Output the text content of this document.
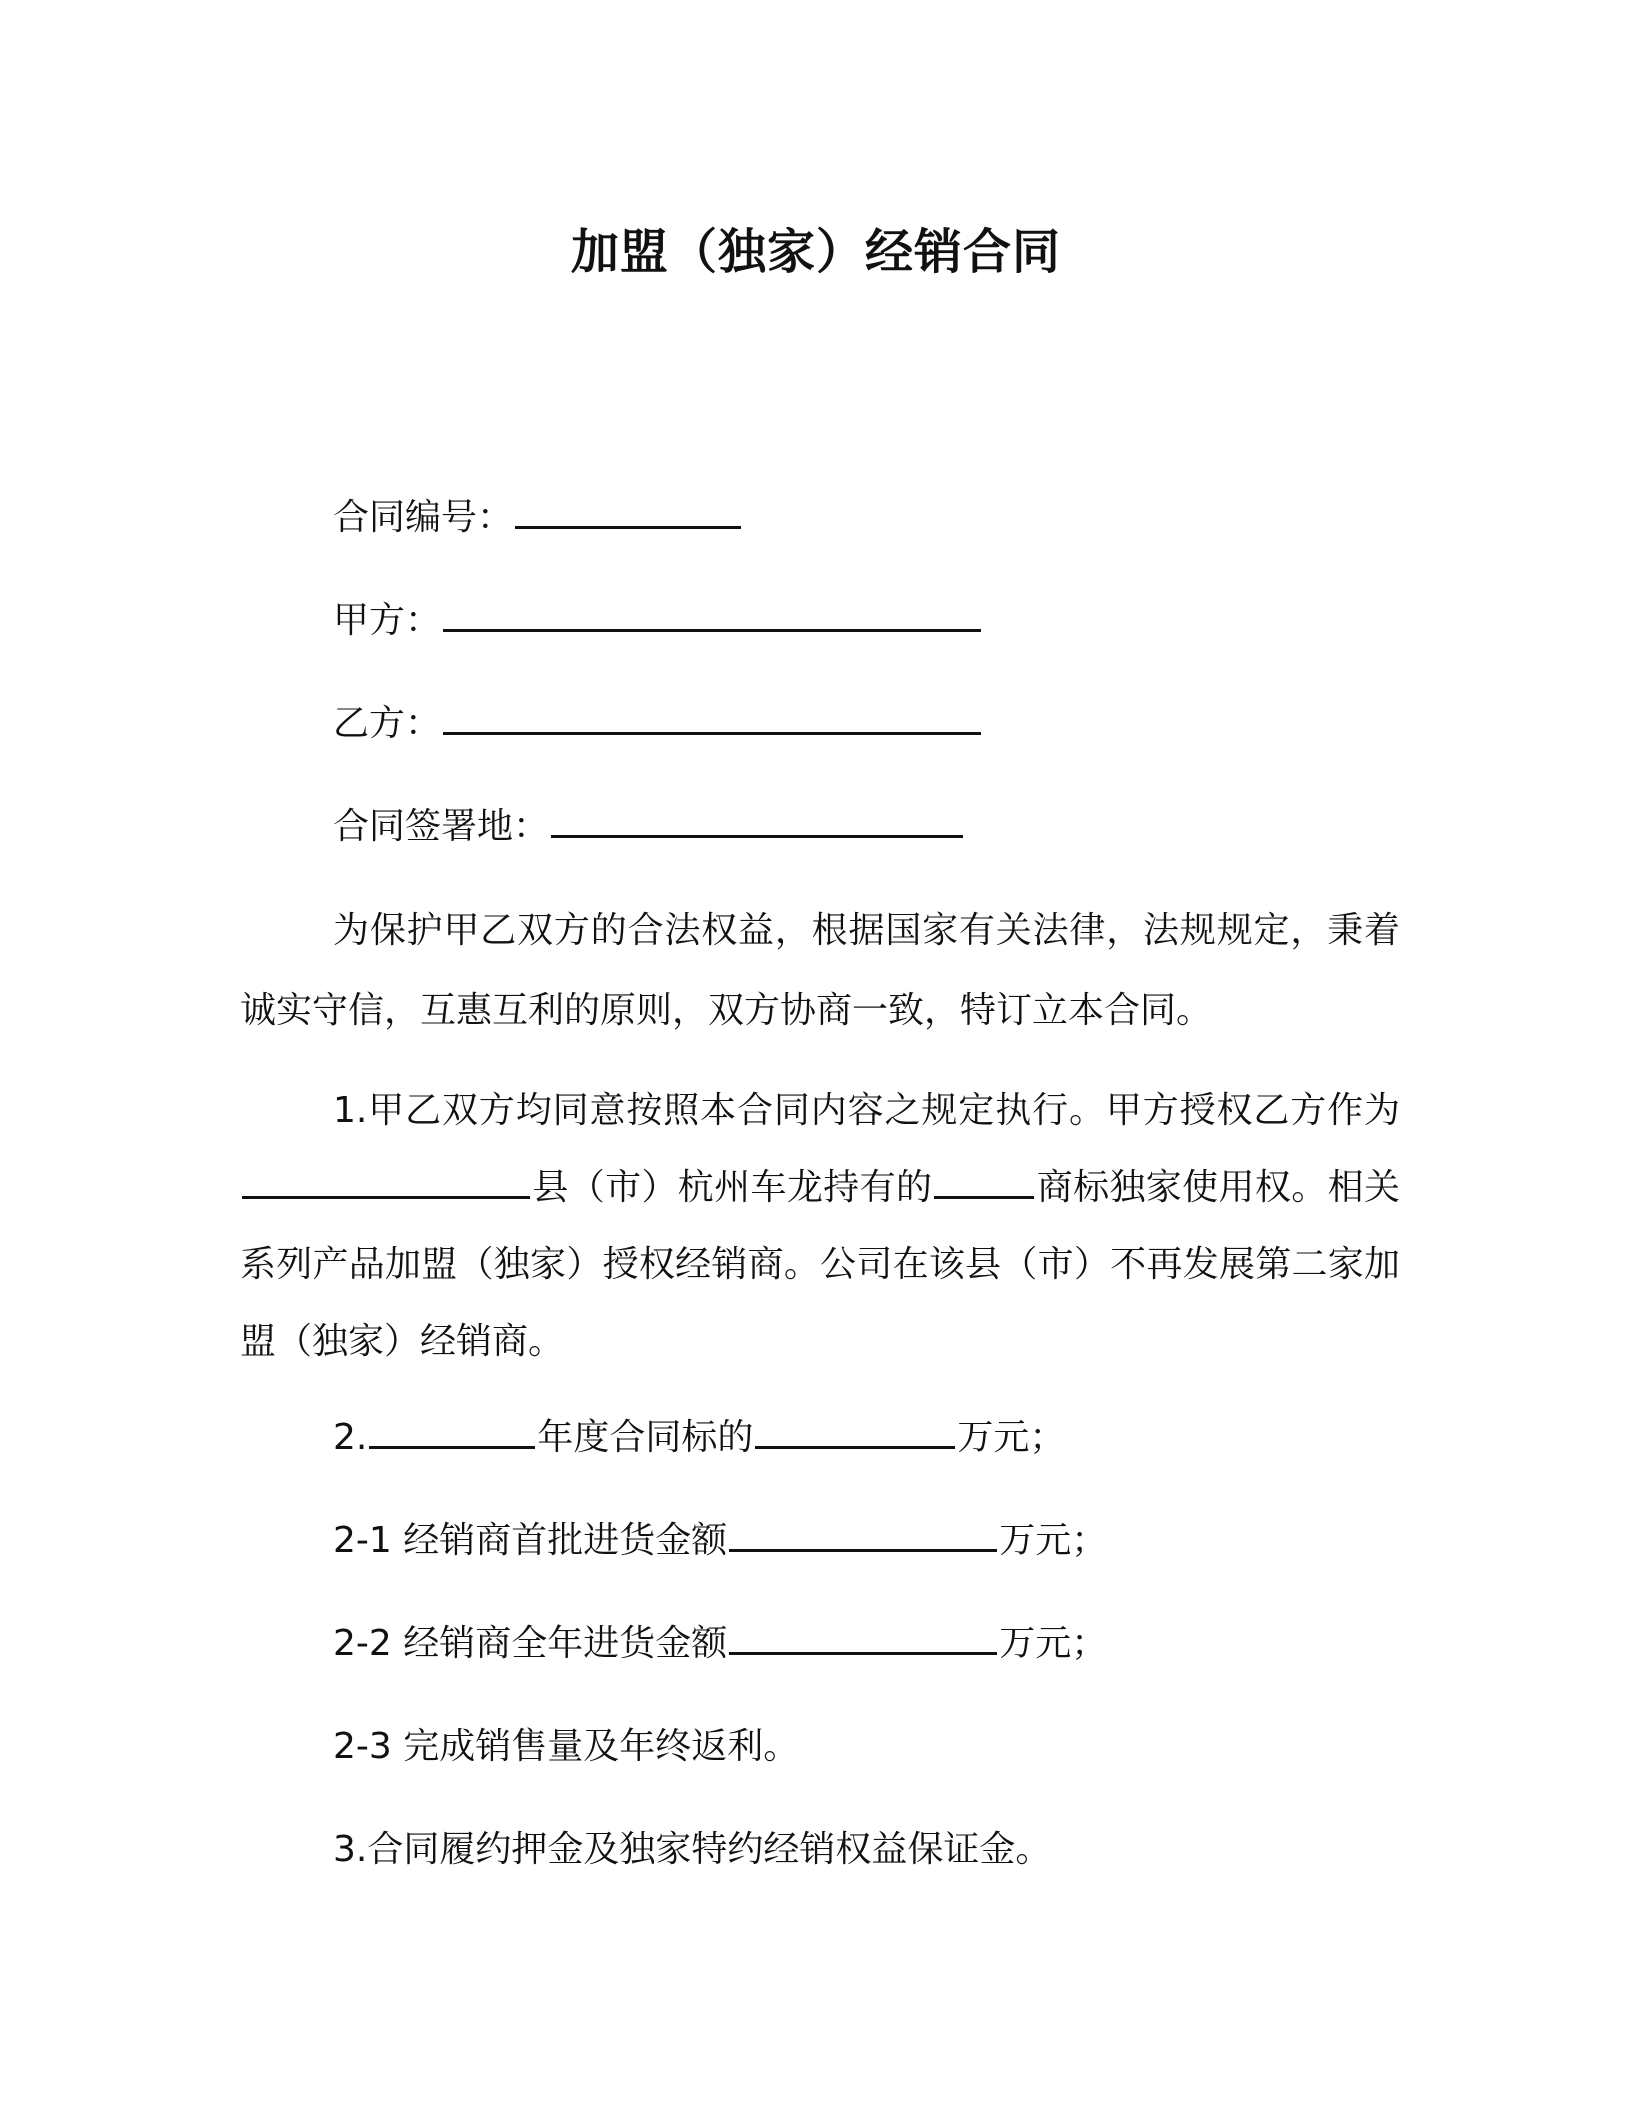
加盟（独家）经销合同
合同编号：
甲方：
乙方：
合同签署地：
为保护甲乙双方的合法权益，根据国家有关法律，法规规定，秉着诚实守信，互惠互利的原则，双方协商一致，特订立本合同。
1.甲乙双方均同意按照本合同内容之规定执行。甲方授权乙方作为县（市）杭州车龙持有的	商标独家使用权。相关系列产品加盟（独家）授权经销商。公司在该县（市）不再发展第二家加盟（独家）经销商。
2.	年度合同标的	万元；
2-1 经销商首批进货金额	万元；
2-2 经销商全年进货金额	万元；
2-3 完成销售量及年终返利。
3.合同履约押金及独家特约经销权益保证金。
